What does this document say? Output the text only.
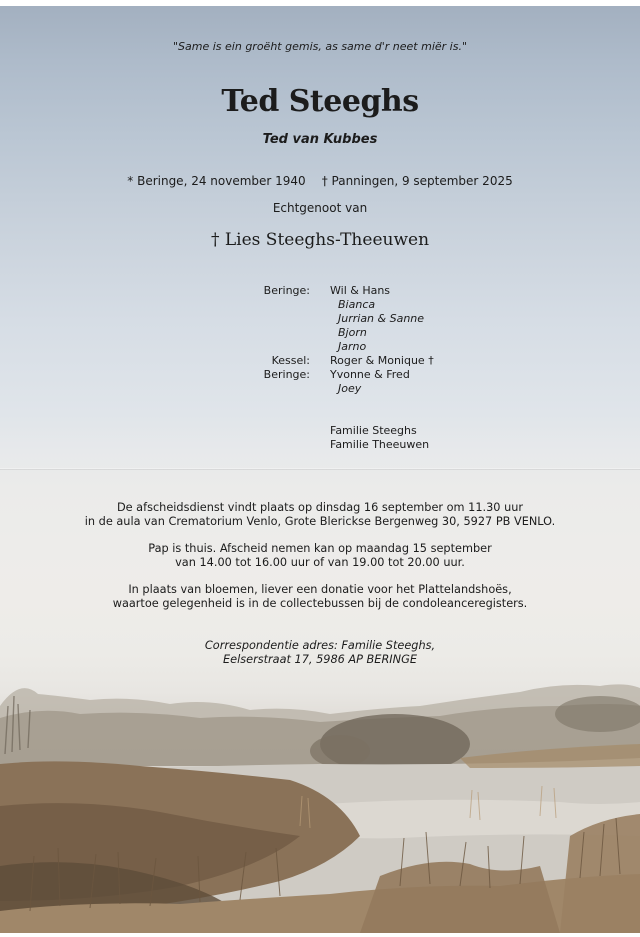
"Same is ein groëht gemis, as same d'r neet miër is."
Ted Steeghs
Ted van Kubbes
* Beringe, 24 november 1940 † Panningen, 9 september 2025
Echtgenoot van
† Lies Steeghs-Theeuwen
Beringe: Wil & Hans
Bianca
Jurrian & Sanne
Bjorn
Jarno
Kessel: Roger & Monique †
Beringe: Yvonne & Fred
Joey
Familie Steeghs
Familie Theeuwen
De afscheidsdienst vindt plaats op dinsdag 16 september om 11.30 uur
in de aula van Crematorium Venlo, Grote Blerickse Bergenweg 30, 5927 PB VENLO.
Pap is thuis. Afscheid nemen kan op maandag 15 september
van 14.00 tot 16.00 uur of van 19.00 tot 20.00 uur.
In plaats van bloemen, liever een donatie voor het Plattelandshoës,
waartoe gelegenheid is in de collectebussen bij de condoleanceregisters.
Correspondentie adres: Familie Steeghs,
Eelserstraat 17, 5986 AP BERINGE
